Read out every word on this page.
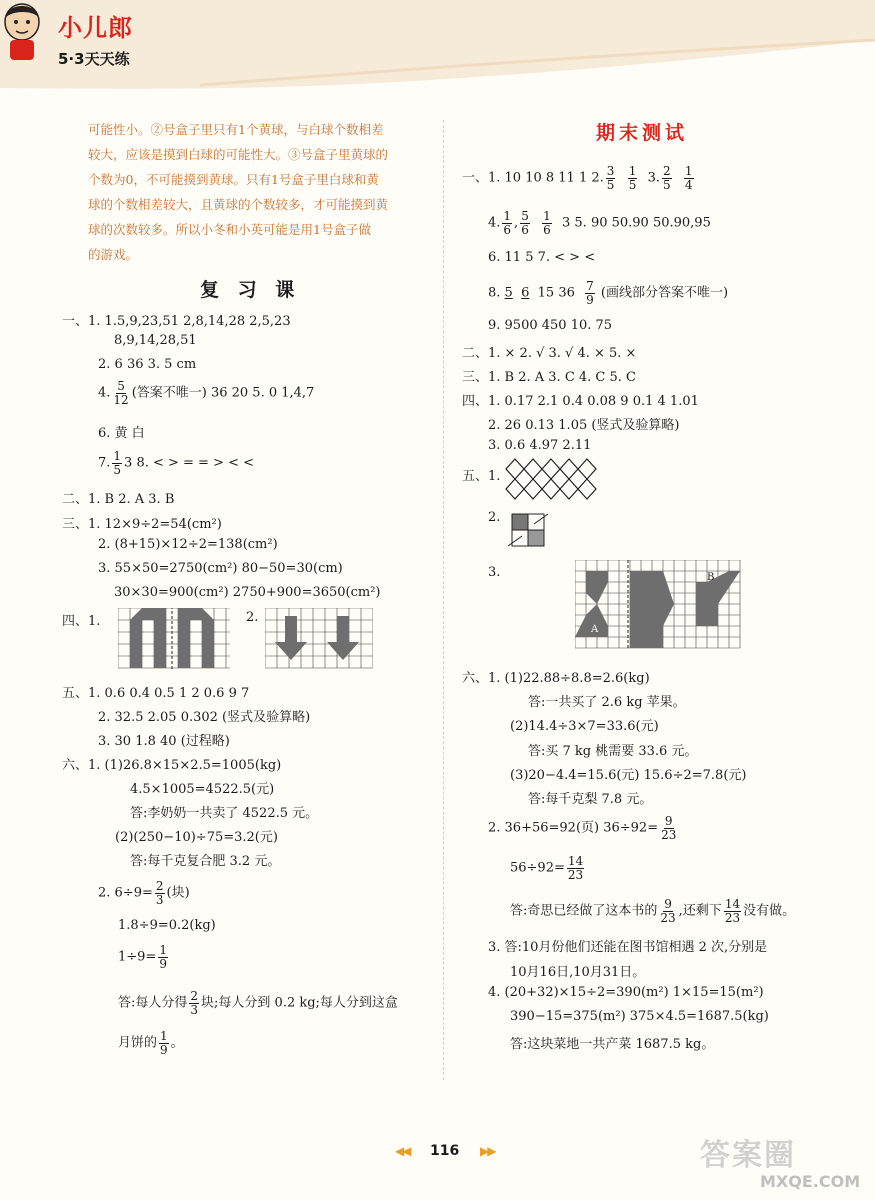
小儿郎
5·3天天练
可能性小。②号盒子里只有1个黄球，与白球个数相差
较大，应该是摸到白球的可能性大。③号盒子里黄球的
个数为0，不可能摸到黄球。只有1号盒子里白球和黄
球的个数相差较大，且黄球的个数较多，才可能摸到黄
球的次数较多。所以小冬和小英可能是用1号盒子做
的游戏。
复 习 课
一、1. 1.5,9,23,51 2,8,14,28 2,5,23
8,9,14,28,51
2. 6 36 3. 5 cm
4. $\frac{5}{12}$ (答案不唯一) 36 20 5. 0 1,4,7
6. 黄 白
7. $\frac{1}{5} 3$ 8. < > = = > < <
二、1. B 2. A 3. B
三、1. 12×9÷2=54(cm²)
2. (8+15)×12÷2=138(cm²)
3. 55×50=2750(cm²) 80−50=30(cm)
30×30=900(cm²) 2750+900=3650(cm²)
四、1.	2.
五、1. 0.6 0.4 0.5 1 2 0.6 9 7
2. 32.5 2.05 0.302 (竖式及验算略)
3. 30 1.8 40 (过程略)
六、1. (1)26.8×15×2.5=1005(kg)
4.5×1005=4522.5(元)
答:李奶奶一共卖了 4522.5 元。
(2)(250−10)÷75=3.2(元)
答:每千克复合肥 3.2 元。
2. $6\div 9= \frac{2}{3}$ (块)
1.8÷9=0.2(kg)
$1\div 9= \frac{1}{9}$
答:每人分得 $\frac{2}{3}$ 块;每人分到 0.2 kg;每人分到这盒
月饼的 $\frac{1}{9}$ 。
期末测试
一、1. 10 10 8 11 1 2. $\frac{3}{5}$
$\frac{1}{5} 3$. $\frac{2}{5}$
$\frac{1}{4}$
4. $\frac{1}{6}$ , $\frac{5}{6}$
$\frac{1}{6} 3$ 5. 90 50.90 50.90,95
6. 11 5 7. < > <
8. 5 6 15 $36 \frac{7}{9}$ (画线部分答案不唯一)
9. 9500 450 10. 75
二、1. × 2. √ 3. √ 4. × 5. ×
三、1. B 2. A 3. C 4. C 5. C
四、1. 0.17 2.1 0.4 0.08 9 0.1 4 1.01
2. 26 0.13 1.05 (竖式及验算略)
3. 0.6 4.97 2.11
五、1.
2.
3.
A
B
六、1. (1)22.88÷8.8=2.6(kg)
答:一共买了 2.6 kg 苹果。
(2)14.4÷3×7=33.6(元)
答:买 7 kg 桃需要 33.6 元。
(3)20−4.4=15.6(元) 15.6÷2=7.8(元)
答:每千克梨 7.8 元。
2. 36+56=92(页) $36\div 92= \frac{9}{23}$
$56\div 92= \frac{14}{23}$
答:奇思已经做了这本书的 $\frac{9}{23}$ ,还剩下 $\frac{14}{23}$ 没有做。
3. 答:10月份他们还能在图书馆相遇 2 次,分别是
10月16日,10月31日。
4. (20+32)×15÷2=390(m²) 1×15=15(m²)
390−15=375(m²) 375×4.5=1687.5(kg)
答:这块菜地一共产菜 1687.5 kg。
◀◀ 116 ▶▶	答案圈
MXQE.COM
